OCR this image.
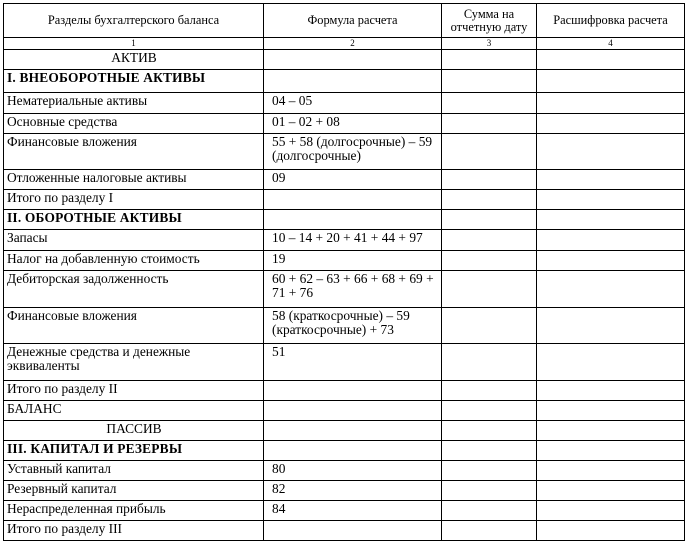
Разделы бухгалтерского баланса	Формула расчета	Сумма на отчетную дату	Расшифровка расчета
1	2	3	4
АКТИВ			
I. ВНЕОБОРОТНЫЕ АКТИВЫ			
Нематериальные активы	04 – 05		
Основные средства	01 – 02 + 08		
Финансовые вложения	55 + 58 (долгосрочные) – 59 (долгосрочные)		
Отложенные налоговые активы	09		
Итого по разделу I			
II. ОБОРОТНЫЕ АКТИВЫ			
Запасы	10 – 14 + 20 + 41 + 44 + 97		
Налог на добавленную стоимость	19		
Дебиторская задолженность	60 + 62 – 63 + 66 + 68 + 69 + 71 + 76		
Финансовые вложения	58 (краткосрочные) – 59 (краткосрочные) + 73		
Денежные средства и денежные эквиваленты	51		
Итого по разделу II			
БАЛАНС			
ПАССИВ			
III. КАПИТАЛ И РЕЗЕРВЫ			
Уставный капитал	80		
Резервный капитал	82		
Нераспределенная прибыль	84		
Итого по разделу III			
